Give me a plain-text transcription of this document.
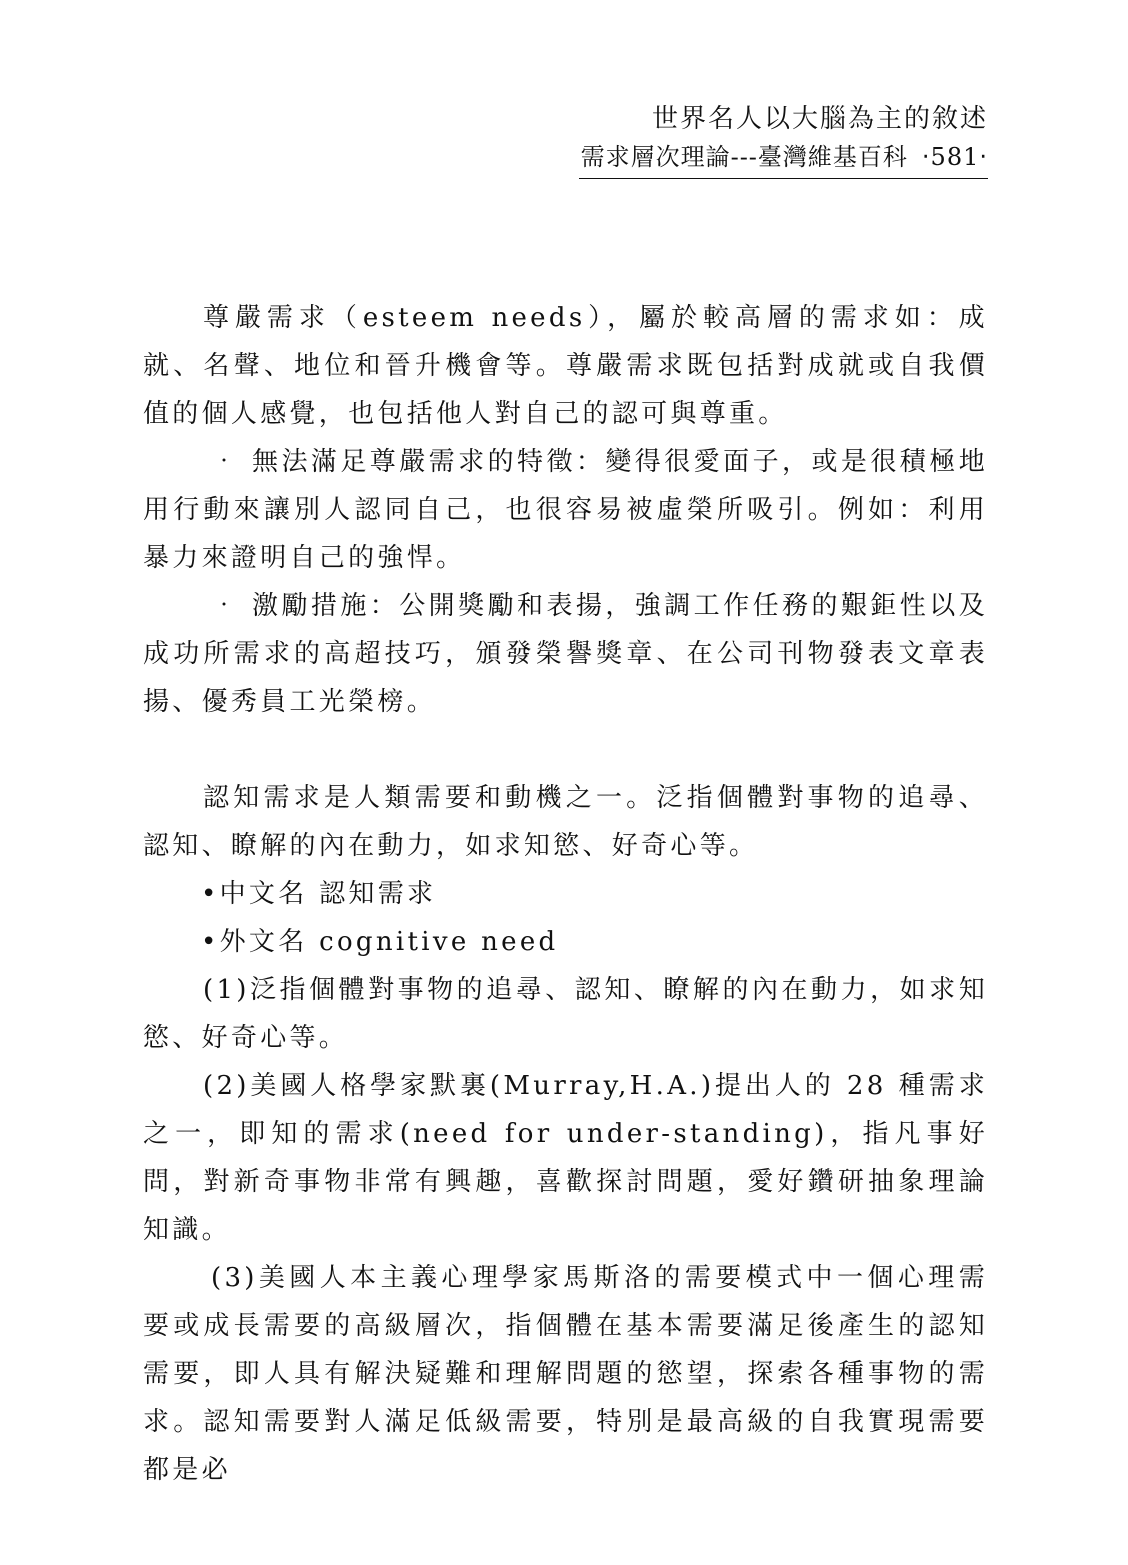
世界名人以大腦為主的敘述
需求層次理論---臺灣維基百科 ‧581‧

尊嚴需求（esteem needs），屬於較高層的需求如：成就、名聲、地位和晉升機會等。尊嚴需求既包括對成就或自我價值的個人感覺，也包括他人對自己的認可與尊重。

‧ 無法滿足尊嚴需求的特徵：變得很愛面子，或是很積極地用行動來讓別人認同自己，也很容易被虛榮所吸引。例如：利用暴力來證明自己的強悍。

‧ 激勵措施：公開獎勵和表揚，強調工作任務的艱鉅性以及成功所需求的高超技巧，頒發榮譽獎章、在公司刊物發表文章表揚、優秀員工光榮榜。

認知需求是人類需要和動機之一。泛指個體對事物的追尋、認知、瞭解的內在動力，如求知慾、好奇心等。

•中文名 認知需求

•外文名 cognitive need

(1)泛指個體對事物的追尋、認知、瞭解的內在動力，如求知慾、好奇心等。

(2)美國人格學家默裏(Murray,H.A.)提出人的 28 種需求之一，即知的需求(need for under-standing)，指凡事好問，對新奇事物非常有興趣，喜歡探討問題，愛好鑽研抽象理論知識。

(3)美國人本主義心理學家馬斯洛的需要模式中一個心理需要或成長需要的高級層次，指個體在基本需要滿足後產生的認知需要，即人具有解決疑難和理解問題的慾望，探索各種事物的需求。認知需要對人滿足低級需要，特別是最高級的自我實現需要都是必
